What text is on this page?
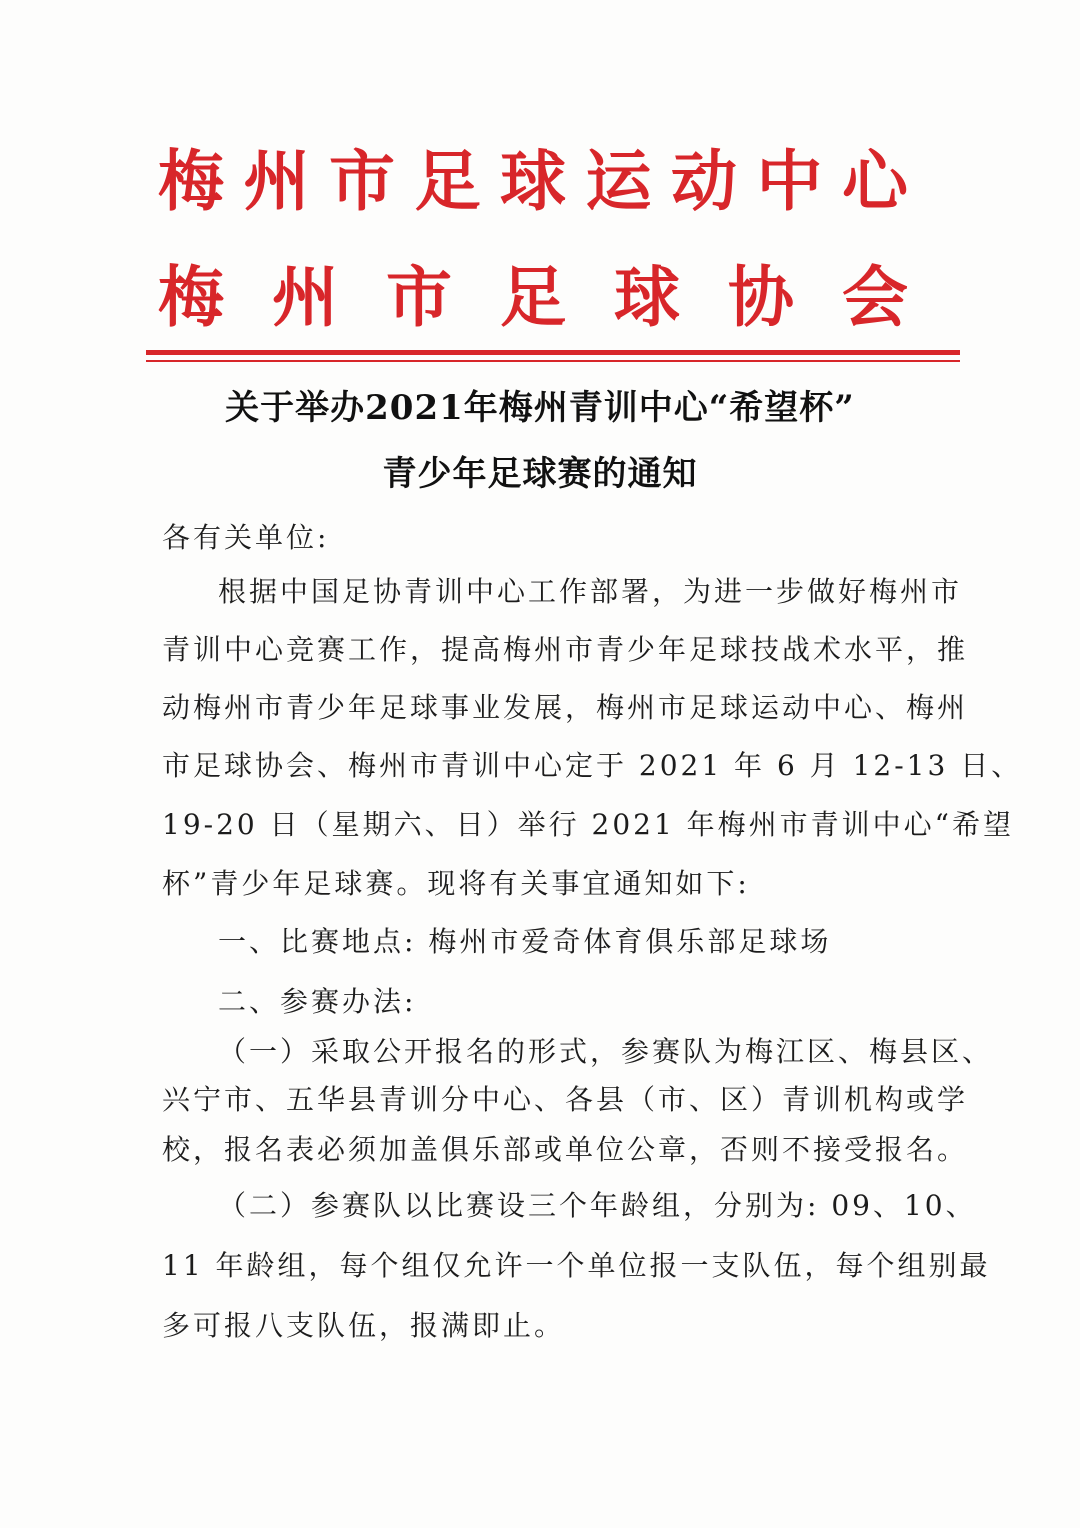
梅 州 市 足 球 运 动 中 心
梅 州 市 足 球 协 会
关于举办2021年梅州青训中心“希望杯”
青少年足球赛的通知
各有关单位:
根据中国足协青训中心工作部署，为进一步做好梅州市
青训中心竞赛工作，提高梅州市青少年足球技战术水平，推
动梅州市青少年足球事业发展，梅州市足球运动中心、梅州
市足球协会、梅州市青训中心定于 2021 年 6 月 12-13 日、
19-20 日（星期六、日）举行 2021 年梅州市青训中心“希望
杯”青少年足球赛。现将有关事宜通知如下:
一、比赛地点: 梅州市爱奇体育俱乐部足球场
二、参赛办法:
（一）采取公开报名的形式，参赛队为梅江区、梅县区、
兴宁市、五华县青训分中心、各县（市、区）青训机构或学
校，报名表必须加盖俱乐部或单位公章，否则不接受报名。
（二）参赛队以比赛设三个年龄组，分别为: 09、10、
11 年龄组，每个组仅允许一个单位报一支队伍，每个组别最
多可报八支队伍，报满即止。
